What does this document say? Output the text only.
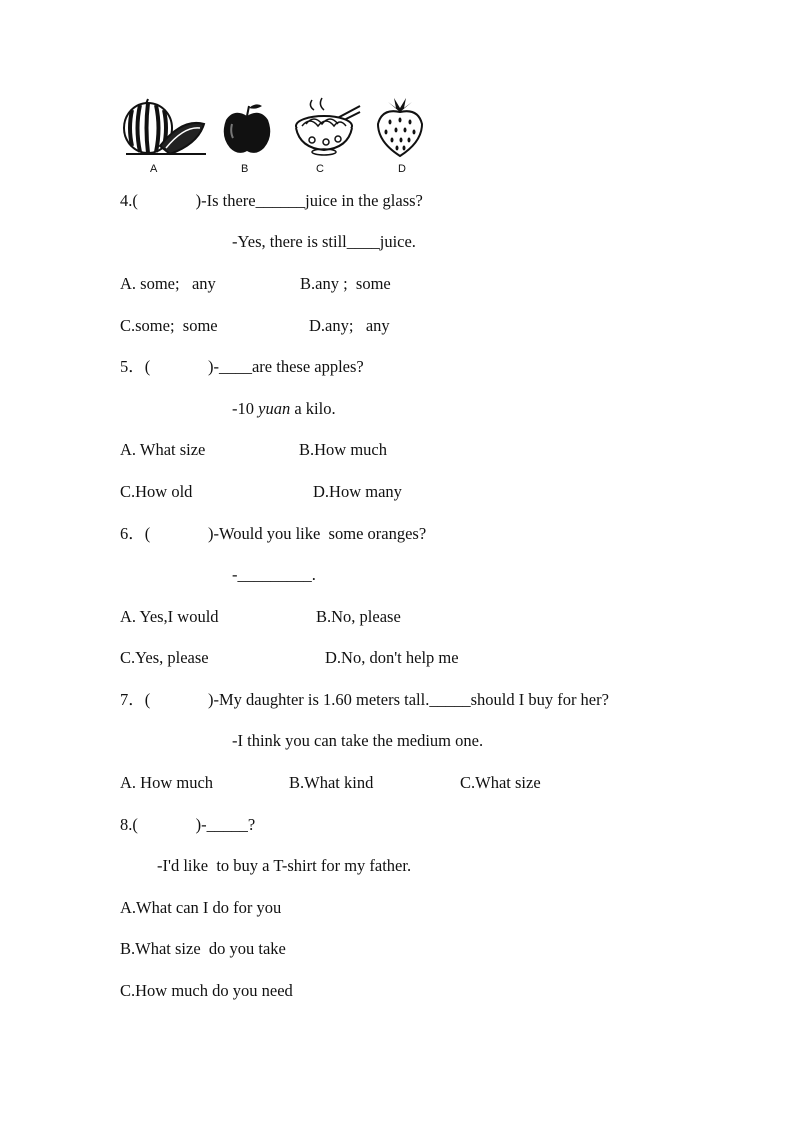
A	B	C	D
4.(              )-Is there______juice in the glass?
-Yes, there is still____juice.
A. some;   any	B.any ;  some
C.some;  some	D.any;   any
5．(              )-____are these apples?
-10 yuan a kilo.
A. What size	B.How much
C.How old	D.How many
6．(              )-Would you like  some oranges?
-_________.
A. Yes,I would	B.No, please
C.Yes, please	D.No, don't help me
7．(              )-My daughter is 1.60 meters tall._____should I buy for her?
-I think you can take the medium one.
A. How much	B.What kind	C.What size
8.(              )-_____?
-I'd like  to buy a T-shirt for my father.
A.What can I do for you
B.What size  do you take
C.How much do you need
